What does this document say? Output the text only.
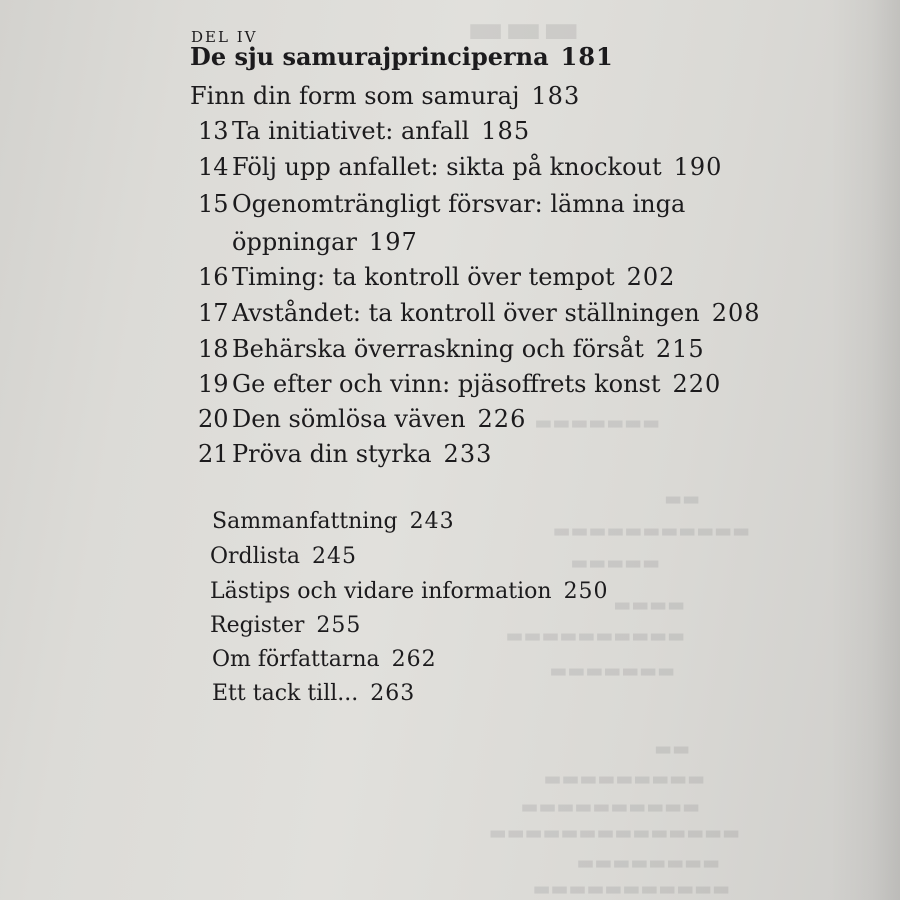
▬▬▬
▬▬▬▬▬▬▬
▬▬
▬▬▬▬▬▬▬▬▬▬▬
▬▬▬▬▬
▬▬▬▬
▬▬▬▬▬▬▬▬▬▬
▬▬▬▬▬▬▬
▬▬
▬▬▬▬▬▬▬▬▬
▬▬▬▬▬▬▬▬▬▬
▬▬▬▬▬▬▬▬▬▬▬▬▬▬
▬▬▬▬▬▬▬▬
▬▬▬▬▬▬▬▬▬▬▬
DEL IV
De sju samurajprinciperna 181
Finn din form som samuraj 183
13 Ta initiativet: anfall 185
14 Följ upp anfallet: sikta på knockout 190
15 Ogenomträngligt försvar: lämna inga
öppningar 197
16 Timing: ta kontroll över tempot 202
17 Avståndet: ta kontroll över ställningen 208
18 Behärska överraskning och försåt 215
19 Ge efter och vinn: pjäsoffrets konst 220
20 Den sömlösa väven 226
21 Pröva din styrka 233
Sammanfattning 243
Ordlista 245
Lästips och vidare information 250
Register 255
Om författarna 262
Ett tack till... 263
